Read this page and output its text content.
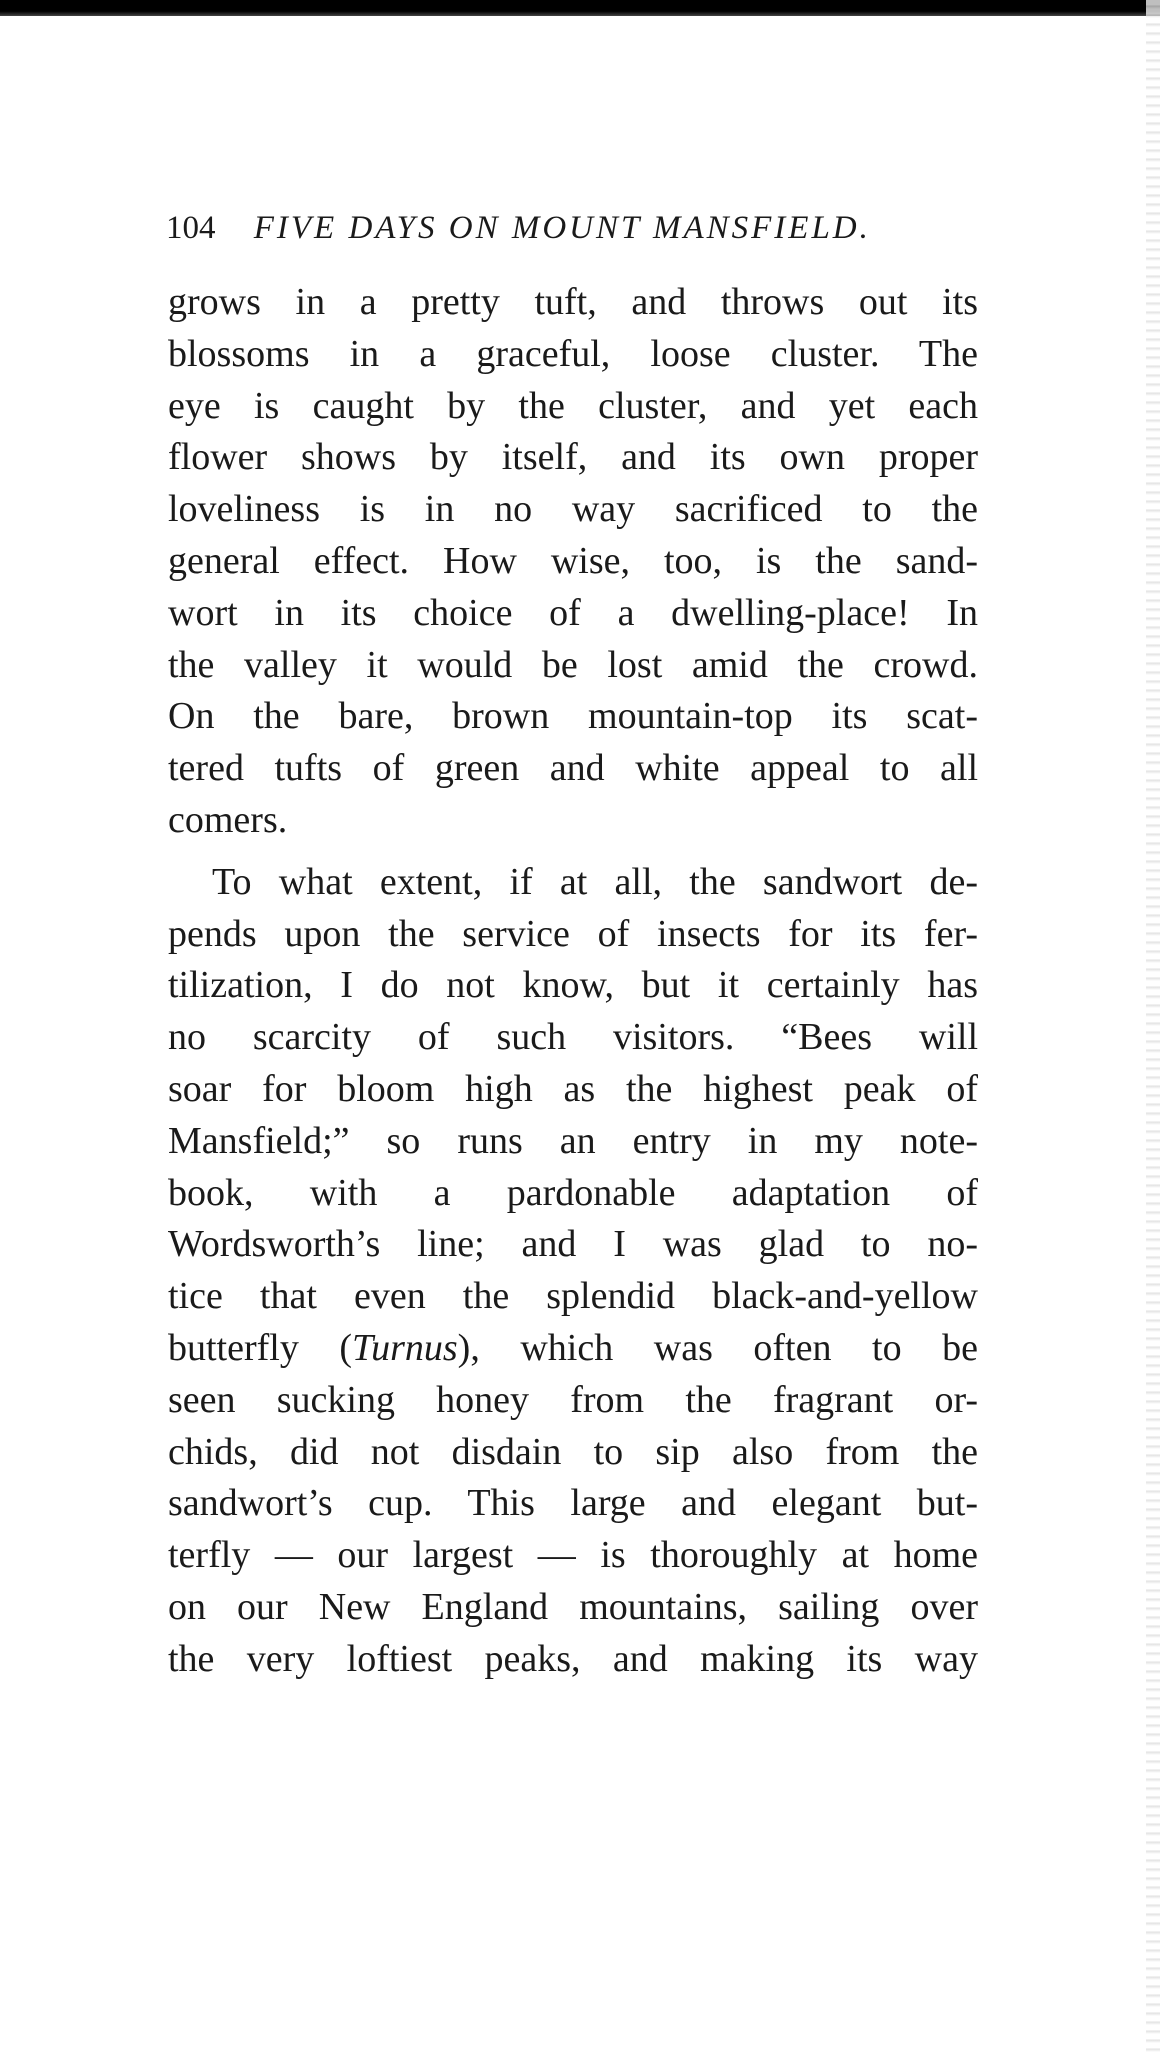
104 FIVE DAYS ON MOUNT MANSFIELD.
grows in a pretty tuft, and throws out its
blossoms in a graceful, loose cluster. The
eye is caught by the cluster, and yet each
flower shows by itself, and its own proper
loveliness is in no way sacrificed to the
general effect. How wise, too, is the sand-
wort in its choice of a dwelling-place! In
the valley it would be lost amid the crowd.
On the bare, brown mountain-top its scat-
tered tufts of green and white appeal to all
comers.
To what extent, if at all, the sandwort de-
pends upon the service of insects for its fer-
tilization, I do not know, but it certainly has
no scarcity of such visitors. “Bees will
soar for bloom high as the highest peak of
Mansfield;” so runs an entry in my note-
book, with a pardonable adaptation of
Wordsworth’s line; and I was glad to no-
tice that even the splendid black-and-yellow
butterfly (Turnus), which was often to be
seen sucking honey from the fragrant or-
chids, did not disdain to sip also from the
sandwort’s cup. This large and elegant but-
terfly — our largest — is thoroughly at home
on our New England mountains, sailing over
the very loftiest peaks, and making its way
